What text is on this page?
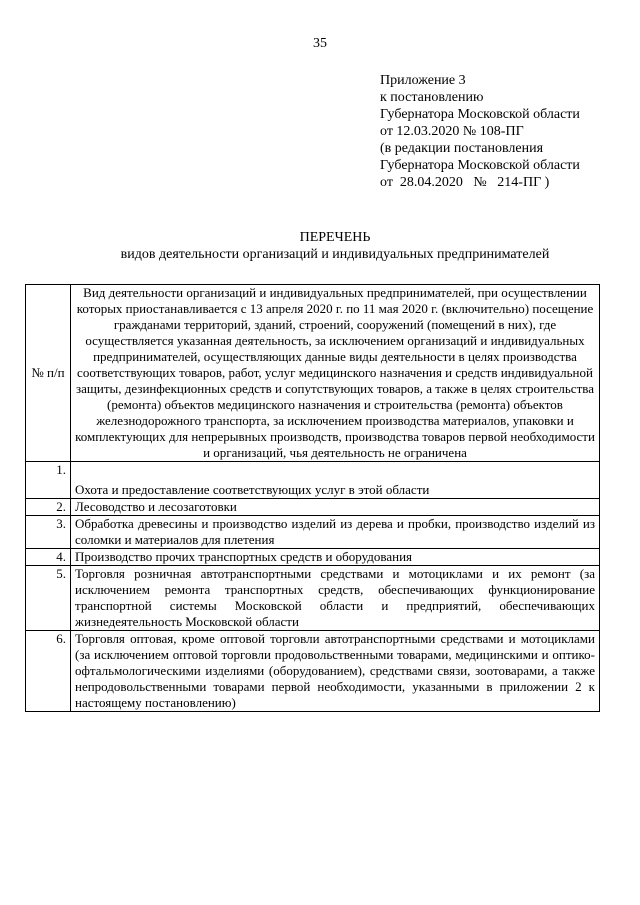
35
Приложение 3
к постановлению
Губернатора Московской области
от 12.03.2020 № 108-ПГ
(в редакции постановления
Губернатора Московской области
от  28.04.2020   №   214-ПГ )
ПЕРЕЧЕНЬ
видов деятельности организаций и индивидуальных предпринимателей
№ п/п	Вид деятельности организаций и индивидуальных предпринимателей, при осуществлении которых приостанавливается с 13 апреля 2020 г. по 11 мая 2020 г. (включительно) посещение гражданами территорий, зданий, строений, сооружений (помещений в них), где осуществляется указанная деятельность, за исключением организаций и индивидуальных предпринимателей, осуществляющих данные виды деятельности в целях производства соответствующих товаров, работ, услуг медицинского назначения и средств индивидуальной защиты, дезинфекционных средств и сопутствующих товаров, а также в целях строительства (ремонта) объектов медицинского назначения и строительства (ремонта) объектов железнодорожного транспорта, за исключением производства материалов, упаковки и комплектующих для непрерывных производств, производства товаров первой необходимости и организаций, чья деятельность не ограничена
1.	Охота и предоставление соответствующих услуг в этой области
2.	Лесоводство и лесозаготовки
3.	Обработка древесины и производство изделий из дерева и пробки, производство изделий из соломки и материалов для плетения
4.	Производство прочих транспортных средств и оборудования
5.	Торговля розничная автотранспортными средствами и мотоциклами и их ремонт (за исключением ремонта транспортных средств, обеспечивающих функционирование транспортной системы Московской области и предприятий, обеспечивающих жизнедеятельность Московской области
6.	Торговля оптовая, кроме оптовой торговли автотранспортными средствами и мотоциклами (за исключением оптовой торговли продовольственными товарами, медицинскими и оптико-офтальмологическими изделиями (оборудованием), средствами связи, зоотоварами, а также непродовольственными товарами первой необходимости, указанными в приложении 2 к настоящему постановлению)
